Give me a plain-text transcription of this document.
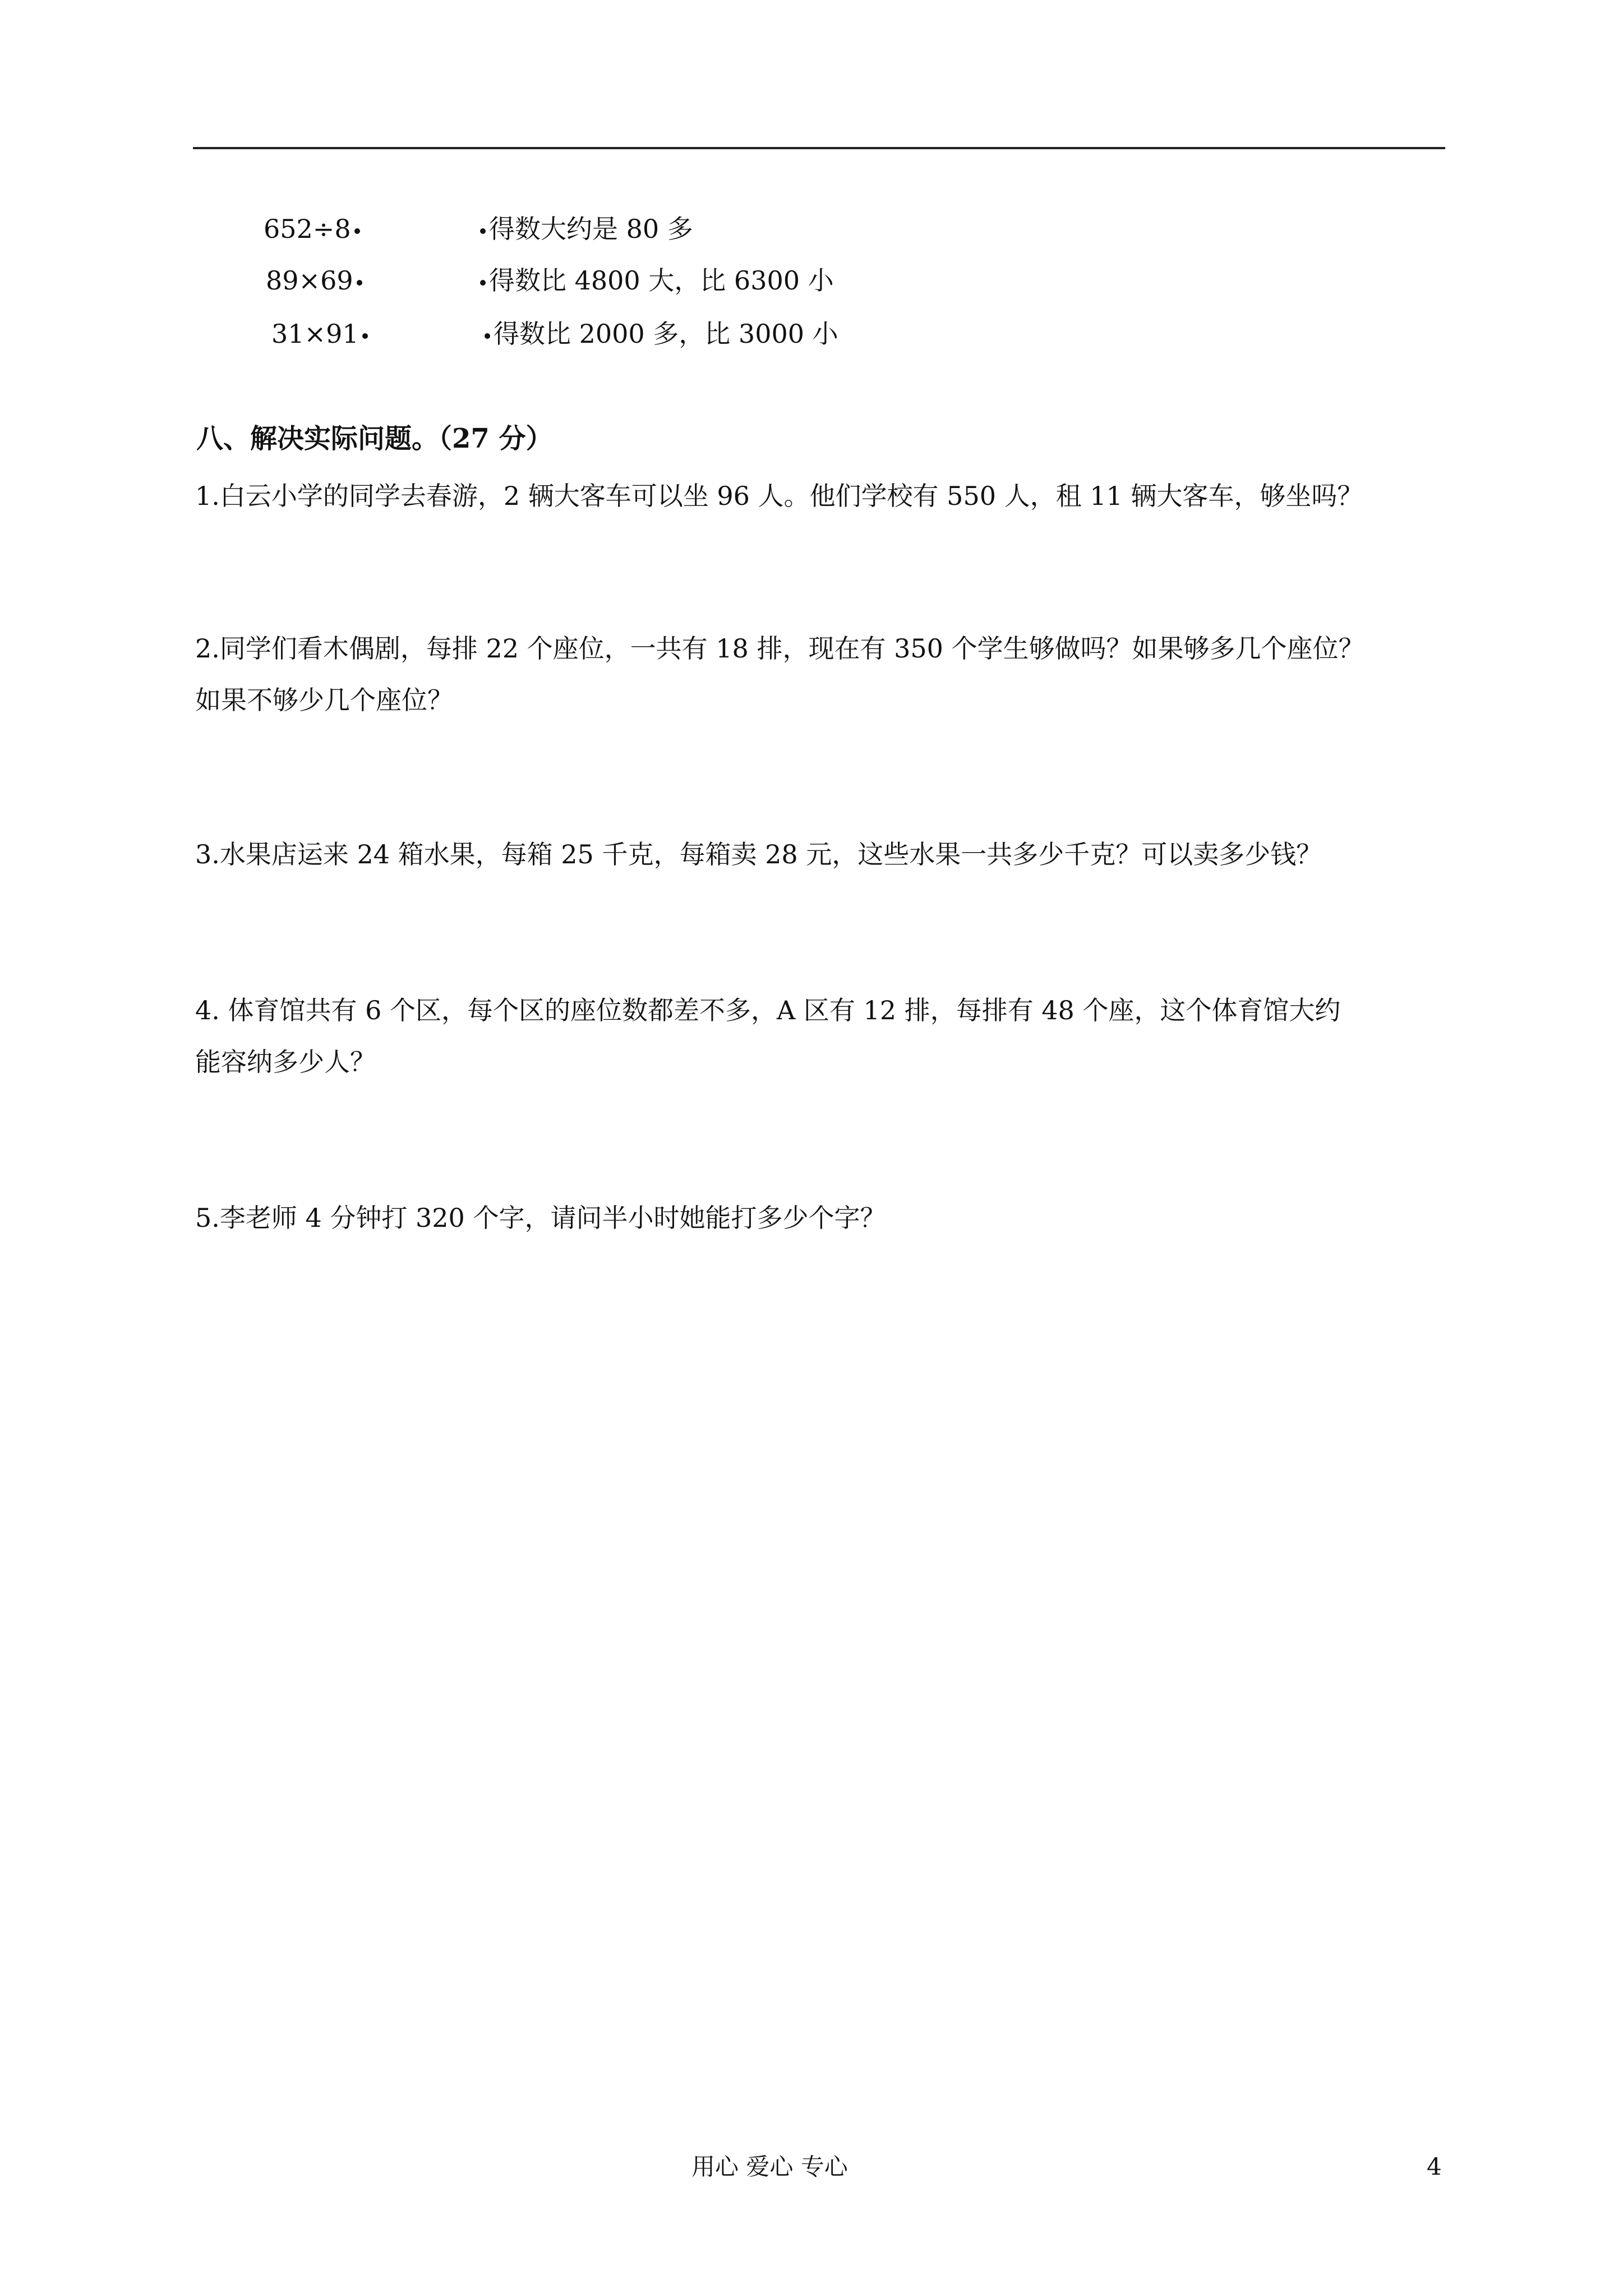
652÷8	得数大约是 80 多
89×69	得数比 4800 大，比 6300 小
31×91	得数比 2000 多，比 3000 小
八、解决实际问题。（27 分）
1.白云小学的同学去春游，2 辆大客车可以坐 96 人。他们学校有 550 人，租 11 辆大客车，够坐吗？
2.同学们看木偶剧，每排 22 个座位，一共有 18 排，现在有 350 个学生够做吗？如果够多几个座位？
如果不够少几个座位？
3.水果店运来 24 箱水果，每箱 25 千克，每箱卖 28 元，这些水果一共多少千克？可以卖多少钱？
4. 体育馆共有 6 个区，每个区的座位数都差不多，A 区有 12 排，每排有 48 个座，这个体育馆大约
能容纳多少人？
5.李老师 4 分钟打 320 个字，请问半小时她能打多少个字？
用心 爱心 专心	4
